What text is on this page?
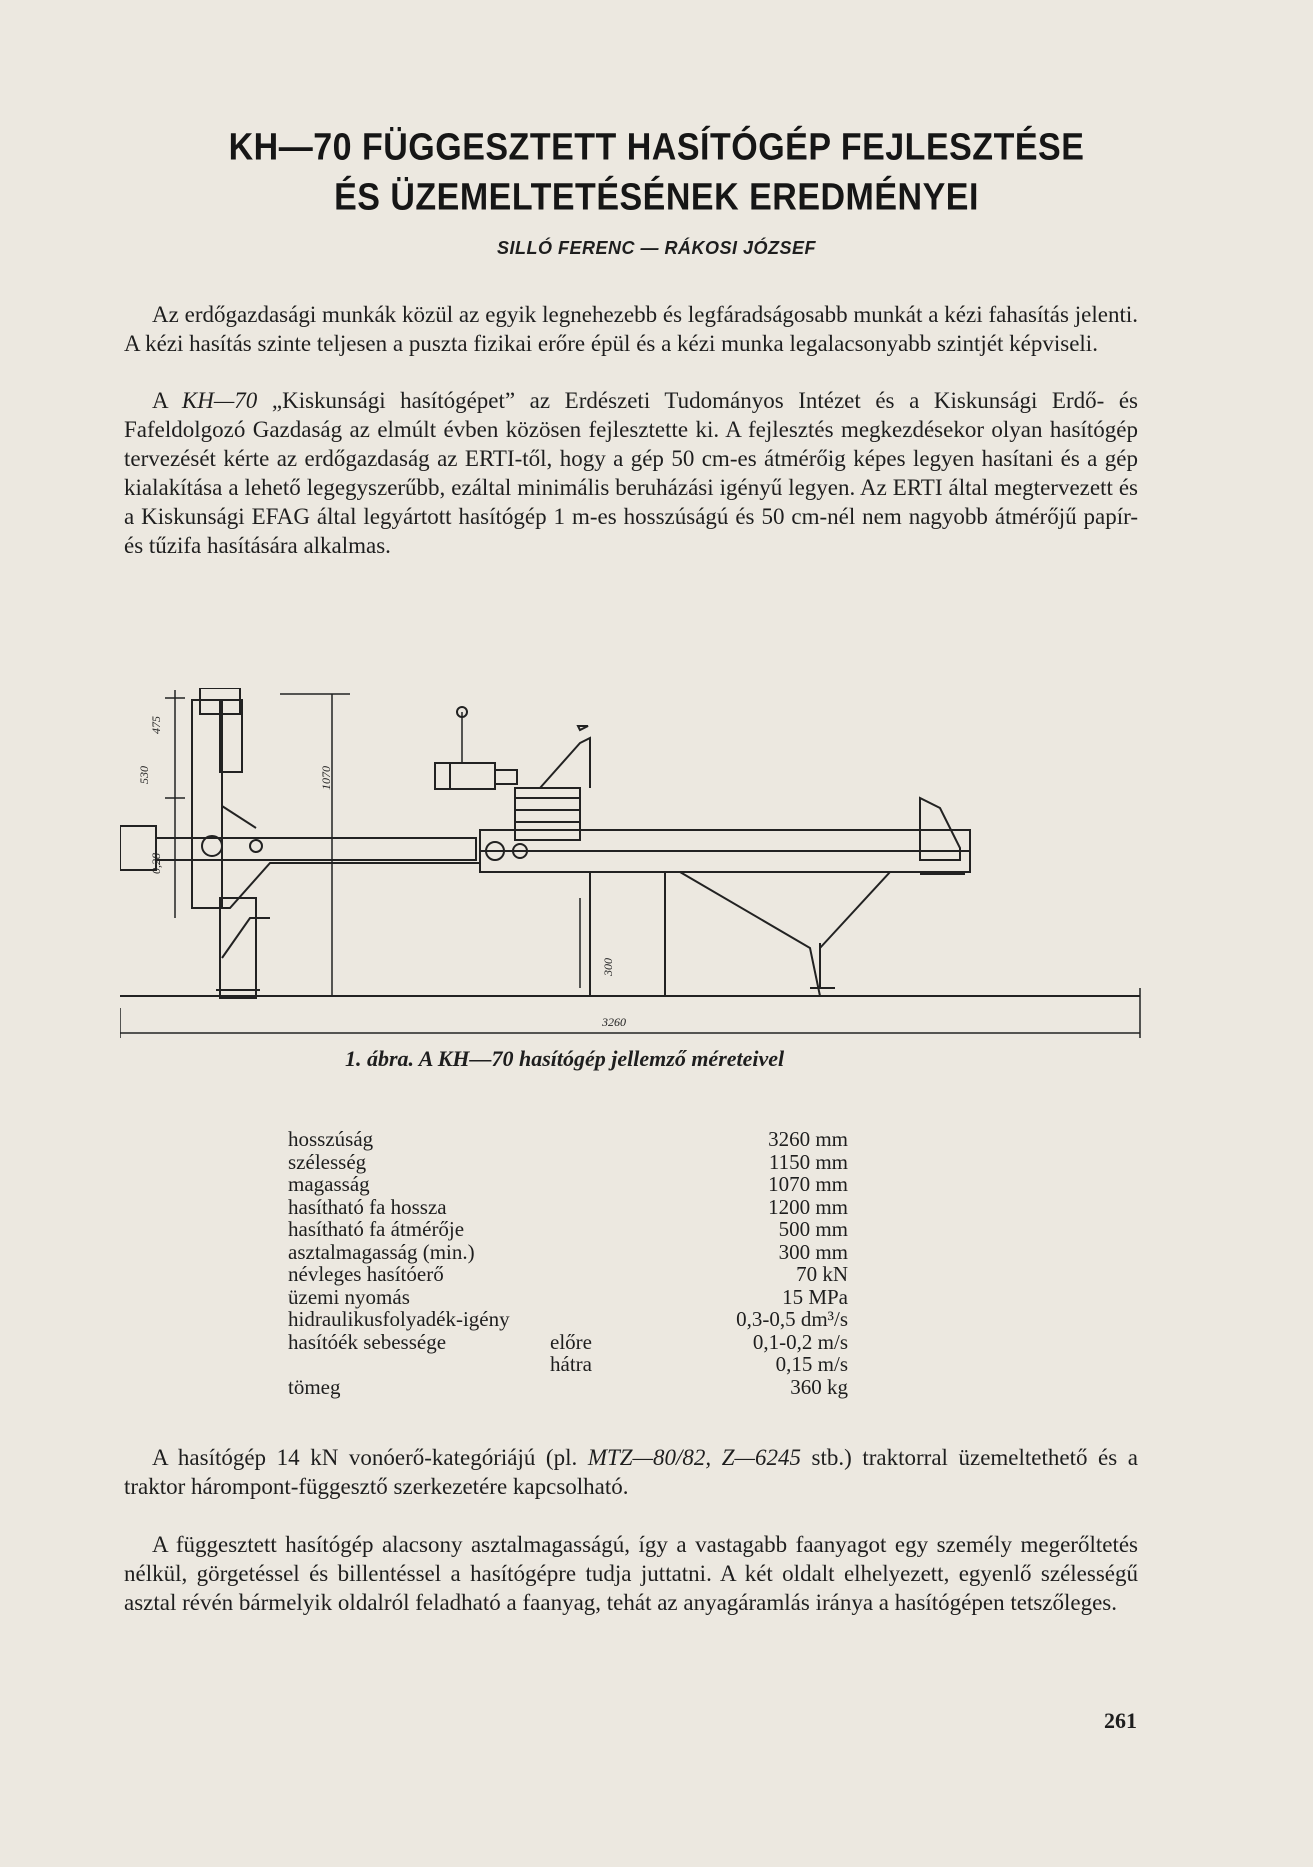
KH—70 FÜGGESZTETT HASÍTÓGÉP FEJLESZTÉSE
ÉS ÜZEMELTETÉSÉNEK EREDMÉNYEI
SILLÓ FERENC — RÁKOSI JÓZSEF

Az erdőgazdasági munkák közül az egyik legnehezebb és legfáradságosabb munkát a kézi fahasítás jelenti. A kézi hasítás szinte teljesen a puszta fizikai erőre épül és a kézi munka legalacsonyabb szintjét képviseli.

A KH—70 „Kiskunsági hasítógépet” az Erdészeti Tudományos Intézet és a Kiskunsági Erdő- és Fafeldolgozó Gazdaság az elmúlt évben közösen fejlesztette ki. A fejlesztés megkezdésekor olyan hasítógép tervezését kérte az erdőgazdaság az ERTI-től, hogy a gép 50 cm-es átmérőig képes legyen hasítani és a gép kialakítása a lehető legegyszerűbb, ezáltal minimális beruházási igényű legyen. Az ERTI által megtervezett és a Kiskunsági EFAG által legyártott hasítógép 1 m-es hosszúságú és 50 cm-nél nem nagyobb átmérőjű papír- és tűzifa hasítására alkalmas.

530
475
1070
0,28
300
3260
1. ábra. A KH—70 hasítógép jellemző méreteivel
hosszúság	3260 mm
szélesség	1150 mm
magasság	1070 mm
hasítható fa hossza	1200 mm
hasítható fa átmérője	500 mm
asztalmagasság (min.)	300 mm
névleges hasítóerő	70 kN
üzemi nyomás	15 MPa
hidraulikusfolyadék-igény	0,3-0,5 dm³/s
hasítóék sebessége	előre	0,1-0,2 m/s
hátra	0,15 m/s
tömeg	360 kg

A hasítógép 14 kN vonóerő-kategóriájú (pl. MTZ—80/82, Z—6245 stb.) traktorral üzemeltethető és a traktor hárompont-függesztő szerkezetére kapcsolható.

A függesztett hasítógép alacsony asztalmagasságú, így a vastagabb faanyagot egy személy megerőltetés nélkül, görgetéssel és billentéssel a hasítógépre tudja juttatni. A két oldalt elhelyezett, egyenlő szélességű asztal révén bármelyik oldalról feladható a faanyag, tehát az anyagáramlás iránya a hasítógépen tetszőleges.

261
